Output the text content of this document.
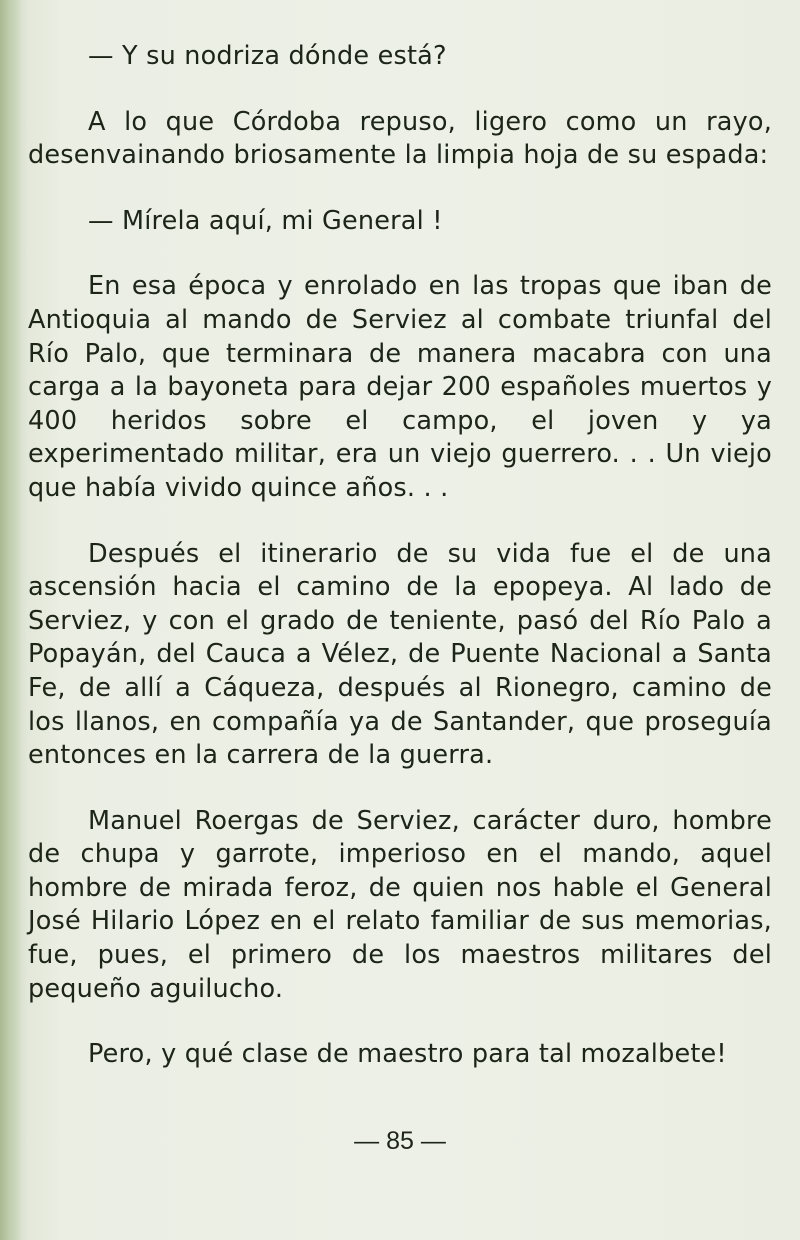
— Y su nodriza dónde está?

A lo que Córdoba repuso, ligero como un rayo, desenvainando briosamente la limpia hoja de su espada:

— Mírela aquí, mi General !

En esa época y enrolado en las tropas que iban de Antioquia al mando de Serviez al combate triunfal del Río Palo, que terminara de manera macabra con una carga a la bayoneta para dejar 200 españoles muertos y 400 heridos sobre el campo, el joven y ya experimentado militar, era un viejo guerrero. . . Un viejo que había vivido quince años. . .

Después el itinerario de su vida fue el de una ascensión hacia el camino de la epopeya. Al lado de Serviez, y con el grado de teniente, pasó del Río Palo a Popayán, del Cauca a Vélez, de Puente Nacional a Santa Fe, de allí a Cáqueza, después al Rionegro, camino de los llanos, en compañía ya de Santander, que proseguía entonces en la carrera de la guerra.

Manuel Roergas de Serviez, carácter duro, hombre de chupa y garrote, imperioso en el mando, aquel hombre de mirada feroz, de quien nos hable el General José Hilario López en el relato familiar de sus memorias, fue, pues, el primero de los maestros militares del pequeño aguilucho.

Pero, y qué clase de maestro para tal mozalbete!

— 85 —
